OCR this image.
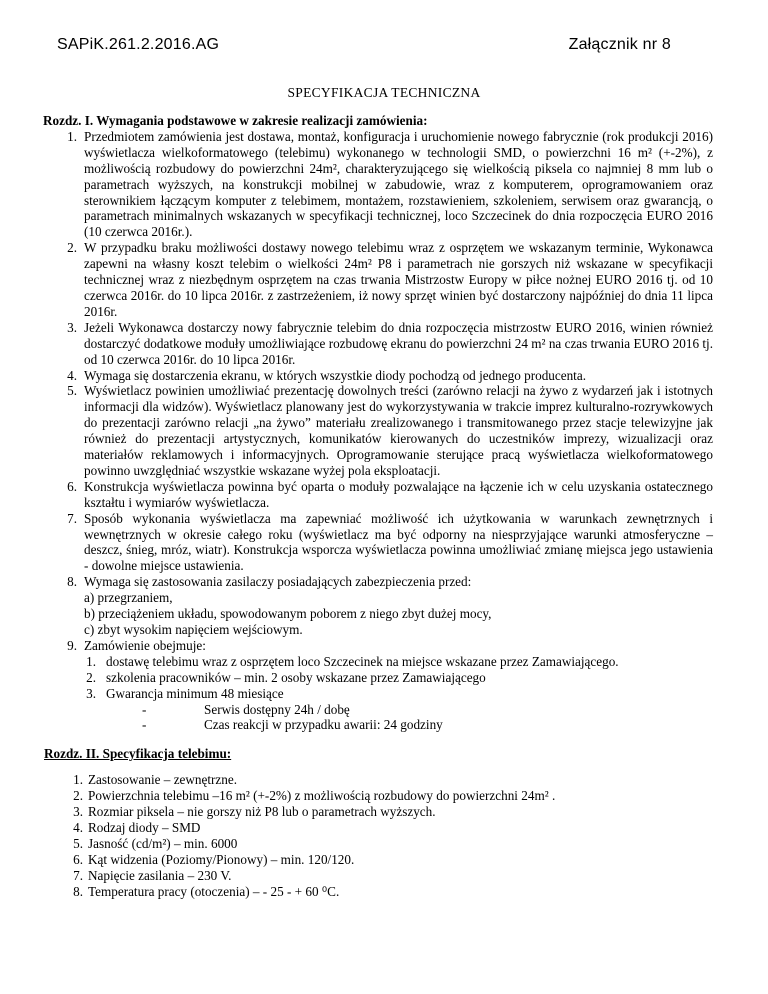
SAPiK.261.2.2016.AG	Załącznik nr 8
SPECYFIKACJA TECHNICZNA

Rozdz. I. Wymagania podstawowe w zakresie realizacji zamówienia:

1. Przedmiotem zamówienia jest dostawa, montaż, konfiguracja i uruchomienie nowego fabrycznie (rok produkcji 2016) wyświetlacza wielkoformatowego (telebimu) wykonanego w technologii SMD, o powierzchni 16 m² (+-2%), z możliwością rozbudowy do powierzchni 24m², charakteryzującego się wielkością piksela co najmniej 8 mm lub o parametrach wyższych, na konstrukcji mobilnej w zabudowie, wraz z komputerem, oprogramowaniem oraz sterownikiem łączącym komputer z telebimem, montażem, rozstawieniem, szkoleniem, serwisem oraz gwarancją, o parametrach minimalnych wskazanych w specyfikacji technicznej, loco Szczecinek do dnia rozpoczęcia EURO 2016 (10 czerwca 2016r.).
2. W przypadku braku możliwości dostawy nowego telebimu wraz z osprzętem we wskazanym terminie, Wykonawca zapewni na własny koszt telebim o wielkości 24m² P8 i parametrach nie gorszych niż wskazane w specyfikacji technicznej wraz z niezbędnym osprzętem na czas trwania Mistrzostw Europy w piłce nożnej EURO 2016 tj. od 10 czerwca 2016r. do 10 lipca 2016r. z zastrzeżeniem, iż nowy sprzęt winien być dostarczony najpóźniej do dnia 11 lipca 2016r.
3. Jeżeli Wykonawca dostarczy nowy fabrycznie telebim do dnia rozpoczęcia mistrzostw EURO 2016, winien również dostarczyć dodatkowe moduły umożliwiające rozbudowę ekranu do powierzchni 24 m² na czas trwania EURO 2016 tj. od 10 czerwca 2016r. do 10 lipca 2016r.
4. Wymaga się dostarczenia ekranu, w których wszystkie diody pochodzą od jednego producenta.
5. Wyświetlacz powinien umożliwiać prezentację dowolnych treści (zarówno relacji na żywo z wydarzeń jak i istotnych informacji dla widzów). Wyświetlacz planowany jest do wykorzystywania w trakcie imprez kulturalno-rozrywkowych do prezentacji zarówno relacji „na żywo” materiału zrealizowanego i transmitowanego przez stacje telewizyjne jak również do prezentacji artystycznych, komunikatów kierowanych do uczestników imprezy, wizualizacji oraz materiałów reklamowych i informacyjnych. Oprogramowanie sterujące pracą wyświetlacza wielkoformatowego powinno uwzględniać wszystkie wskazane wyżej pola eksploatacji.
6. Konstrukcja wyświetlacza powinna być oparta o moduły pozwalające na łączenie ich w celu uzyskania ostatecznego kształtu i wymiarów wyświetlacza.
7. Sposób wykonania wyświetlacza ma zapewniać możliwość ich użytkowania w warunkach zewnętrznych i wewnętrznych w okresie całego roku (wyświetlacz ma być odporny na niesprzyjające warunki atmosferyczne – deszcz, śnieg, mróz, wiatr). Konstrukcja wsporcza wyświetlacza powinna umożliwiać zmianę miejsca jego ustawienia - dowolne miejsce ustawienia.
8. Wymaga się zastosowania zasilaczy posiadających zabezpieczenia przed:

a) przegrzaniem,

b) przeciążeniem układu, spowodowanym poborem z niego zbyt dużej mocy,

c) zbyt wysokim napięciem wejściowym.

9. Zamówienie obejmuje:
1. dostawę telebimu wraz z osprzętem loco Szczecinek na miejsce wskazane przez Zamawiającego.
2. szkolenia pracowników – min. 2 osoby wskazane przez Zamawiającego
3. Gwarancja minimum 48 miesiące
-	Serwis dostępny 24h / dobę
-	Czas reakcji w przypadku awarii: 24 godziny

Rozdz. II. Specyfikacja telebimu:

1. Zastosowanie – zewnętrzne.
2. Powierzchnia telebimu –16 m² (+-2%) z możliwością rozbudowy do powierzchni 24m² .
3. Rozmiar piksela – nie gorszy niż P8 lub o parametrach wyższych.
4. Rodzaj diody – SMD
5. Jasność (cd/m²) – min. 6000
6. Kąt widzenia (Poziomy/Pionowy) – min. 120/120.
7. Napięcie zasilania – 230 V.
8. Temperatura pracy (otoczenia) – - 25 - + 60 ⁰C.
